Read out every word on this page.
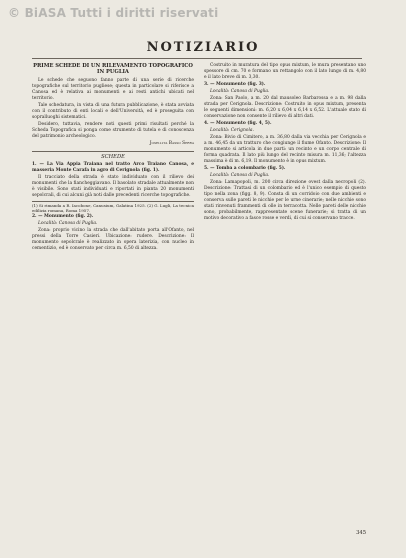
© BiASA Tutti i diritti riservati
NOTIZIARIO
PRIME SCHEDE DI UN RILEVAMENTO TOPOGRAFICO IN PUGLIA

Le schede che seguono fanno parte di una serie di ricerche topografiche sul territorio pugliese; questa in particolare si riferisce a Canosa ed è relativa ai monumenti e ai resti antichi ubicati nel territorio.

Tale schedatura, in vista di una futura pubblicazione, è stata avviata con il contributo di enti locali e dell'Università, ed è proseguita con sopralluoghi sistematici.

Desidero, tuttavia, rendere noti questi primi risultati perché la Scheda Topografica si ponga come strumento di tutela e di conoscenza del patrimonio archeologico.

Josellita Basso Serra
SCHEDE

1. — La Via Appia Traiana nel tratto Arco Traiano Canosa, e masseria Monte Carafa in agro di Cerignola (fig. 1).

Il tracciato della strada è stato individuato con il rilievo dei monumenti che la fiancheggiavano. Il basolato stradale attualmente non è visibile. Sono stati individuati e riportati in pianta 20 monumenti sepolcrali, di cui alcuni già noti dalle precedenti ricerche topografiche.

(1) Si rimanda a R. Iacobone, Canusium, Galatina 1925. (2) G. Lugli, La tecnica edilizia romana, Roma 1957.

2. — Monumento (fig. 2).

Località: Canosa di Puglia.

Zona: proprio vicino la strada che dall'abitato porta all'Ofanto, nel pressi della Torre Casieri. Ubicazione: rudere. Descrizione: Il monumento sepolcrale è realizzato in opera laterizia, con nucleo in cementizio, ed è conservato per circa m. 6,50 di altezza.

Costruito in muratura del tipo opus mixtum, le mura presentano uno spessore di cm. 70 e formano un rettangolo con il lato lungo di m. 4,80 e il lato breve di m. 3,30.

3. — Monumento (fig. 3).

Località: Canosa di Puglia.

Zona: San Paolo, a m. 20 dal mausoleo Barbarossa e a m. 98 dalla strada per Cerignola. Descrizione: Costruito in opus mixtum, presenta le seguenti dimensioni: m. 6,20 x 6,04 x 6,14 x 6,52. L'attuale stato di conservazione non consente il rilievo di altri dati.

4. — Monumento (fig. 4, 5).

Località: Cerignola.

Zona: Bivio di Cimitero, a m. 36,80 dalla via vecchia per Cerignola e a m. 46,45 da un tratturo che congiunge il fiume Ofanto. Descrizione: Il monumento si articola in due parti: un recinto e un corpo centrale di forma quadrata. Il lato più lungo del recinto misura m. 11,36; l'altezza massima è di m. 6,19. Il monumento è in opus mixtum.

5. — Tomba a colombario (fig. 5).

Località: Canosa di Puglia.

Zona: Lamapopoli, m. 200 circa direzione ovest dalla necropoli (2). Descrizione: Trattasi di un colombario ed è l'unico esempio di questo tipo nella zona (figg. 8, 9). Consta di un corridoio con due ambienti e conserva sulle pareti le nicchie per le urne cinerarie; nelle nicchie sono stati rinvenuti frammenti di olle in terracotta. Nelle pareti delle nicchie sono, probabilmente, rappresentate scene funerarie; si tratta di un motivo decorativo a fasce rosse e verdi, di cui si conservano tracce.

345
